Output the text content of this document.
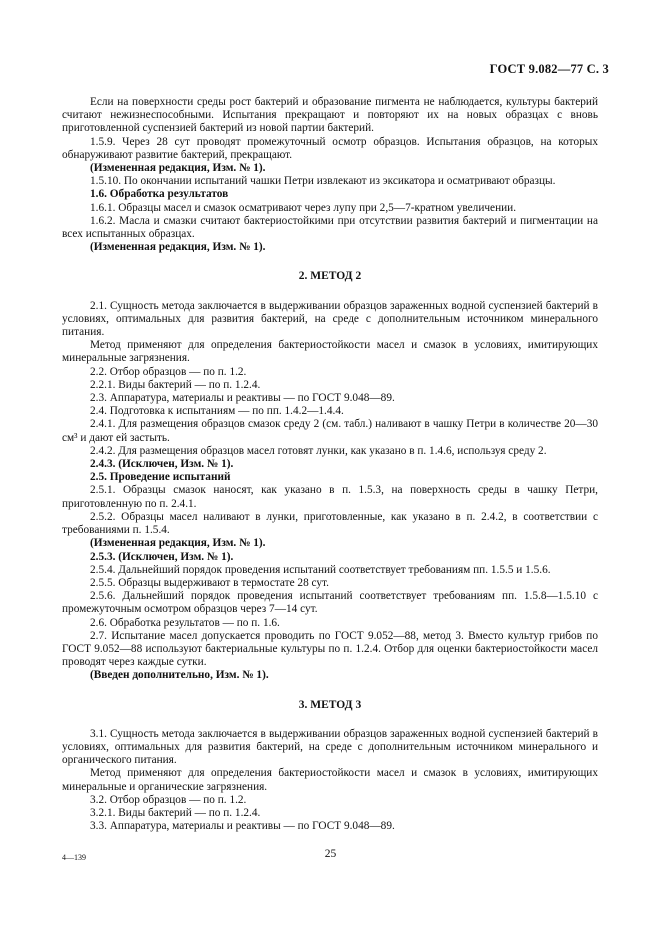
ГОСТ 9.082—77 С. 3

Если на поверхности среды рост бактерий и образование пигмента не наблюдается, культуры бактерий считают нежизнеспособными. Испытания прекращают и повторяют их на новых образцах с вновь приготовленной суспензией бактерий из новой партии бактерий.

1.5.9. Через 28 сут проводят промежуточный осмотр образцов. Испытания образцов, на которых обнаруживают развитие бактерий, прекращают.

(Измененная редакция, Изм. № 1).

1.5.10. По окончании испытаний чашки Петри извлекают из эксикатора и осматривают образцы.

1.6. Обработка результатов

1.6.1. Образцы масел и смазок осматривают через лупу при 2,5—7-кратном увеличении.

1.6.2. Масла и смазки считают бактериостойкими при отсутствии развития бактерий и пигментации на всех испытанных образцах.

(Измененная редакция, Изм. № 1).

2. МЕТОД 2

2.1. Сущность метода заключается в выдерживании образцов зараженных водной суспензией бактерий в условиях, оптимальных для развития бактерий, на среде с дополнительным источником минерального питания.

Метод применяют для определения бактериостойкости масел и смазок в условиях, имитирующих минеральные загрязнения.

2.2. Отбор образцов — по п. 1.2.

2.2.1. Виды бактерий — по п. 1.2.4.

2.3. Аппаратура, материалы и реактивы — по ГОСТ 9.048—89.

2.4. Подготовка к испытаниям — по пп. 1.4.2—1.4.4.

2.4.1. Для размещения образцов смазок среду 2 (см. табл.) наливают в чашку Петри в количестве 20—30 см³ и дают ей застыть.

2.4.2. Для размещения образцов масел готовят лунки, как указано в п. 1.4.6, используя среду 2.

2.4.3. (Исключен, Изм. № 1).

2.5. Проведение испытаний

2.5.1. Образцы смазок наносят, как указано в п. 1.5.3, на поверхность среды в чашку Петри, приготовленную по п. 2.4.1.

2.5.2. Образцы масел наливают в лунки, приготовленные, как указано в п. 2.4.2, в соответствии с требованиями п. 1.5.4.

(Измененная редакция, Изм. № 1).

2.5.3. (Исключен, Изм. № 1).

2.5.4. Дальнейший порядок проведения испытаний соответствует требованиям пп. 1.5.5 и 1.5.6.

2.5.5. Образцы выдерживают в термостате 28 сут.

2.5.6. Дальнейший порядок проведения испытаний соответствует требованиям пп. 1.5.8—1.5.10 с промежуточным осмотром образцов через 7—14 сут.

2.6. Обработка результатов — по п. 1.6.

2.7. Испытание масел допускается проводить по ГОСТ 9.052—88, метод 3. Вместо культур грибов по ГОСТ 9.052—88 используют бактериальные культуры по п. 1.2.4. Отбор для оценки бактериостойкости масел проводят через каждые сутки.

(Введен дополнительно, Изм. № 1).

3. МЕТОД 3

3.1. Сущность метода заключается в выдерживании образцов зараженных водной суспензией бактерий в условиях, оптимальных для развития бактерий, на среде с дополнительным источником минерального и органического питания.

Метод применяют для определения бактериостойкости масел и смазок в условиях, имитирующих минеральные и органические загрязнения.

3.2. Отбор образцов — по п. 1.2.

3.2.1. Виды бактерий — по п. 1.2.4.

3.3. Аппаратура, материалы и реактивы — по ГОСТ 9.048—89.

4—139	25
